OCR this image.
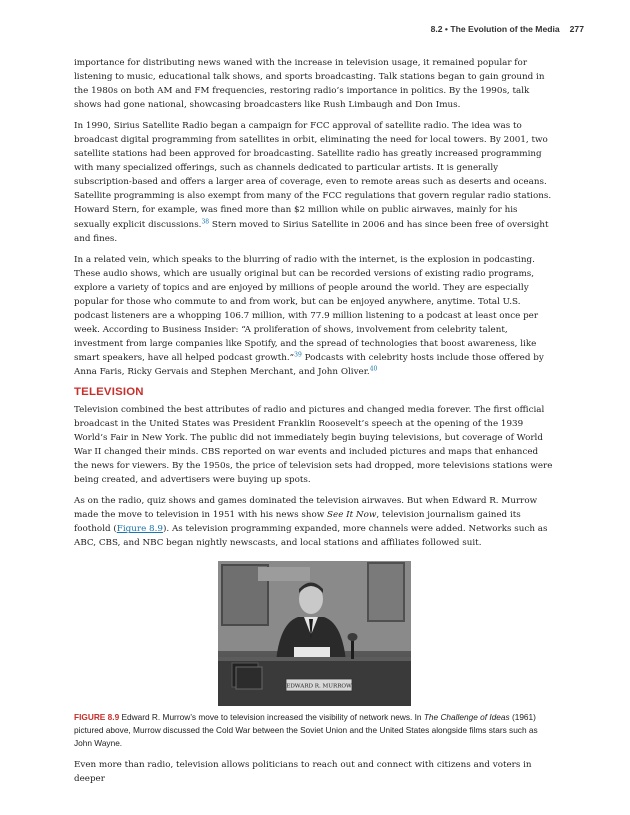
8.2 • The Evolution of the Media 277

importance for distributing news waned with the increase in television usage, it remained popular for listening to music, educational talk shows, and sports broadcasting. Talk stations began to gain ground in the 1980s on both AM and FM frequencies, restoring radio’s importance in politics. By the 1990s, talk shows had gone national, showcasing broadcasters like Rush Limbaugh and Don Imus.

In 1990, Sirius Satellite Radio began a campaign for FCC approval of satellite radio. The idea was to broadcast digital programming from satellites in orbit, eliminating the need for local towers. By 2001, two satellite stations had been approved for broadcasting. Satellite radio has greatly increased programming with many specialized offerings, such as channels dedicated to particular artists. It is generally subscription-based and offers a larger area of coverage, even to remote areas such as deserts and oceans. Satellite programming is also exempt from many of the FCC regulations that govern regular radio stations. Howard Stern, for example, was fined more than $2 million while on public airwaves, mainly for his sexually explicit discussions.$^{38}$ Stern moved to Sirius Satellite in 2006 and has since been free of oversight and fines.

In a related vein, which speaks to the blurring of radio with the internet, is the explosion in podcasting. These audio shows, which are usually original but can be recorded versions of existing radio programs, explore a variety of topics and are enjoyed by millions of people around the world. They are especially popular for those who commute to and from work, but can be enjoyed anywhere, anytime. Total U.S. podcast listeners are a whopping 106.7 million, with 77.9 million listening to a podcast at least once per week. According to Business Insider: “A proliferation of shows, involvement from celebrity talent, investment from large companies like Spotify, and the spread of technologies that boost awareness, like smart speakers, have all helped podcast growth.”$^{39}$ Podcasts with celebrity hosts include those offered by Anna Faris, Ricky Gervais and Stephen Merchant, and John Oliver.$^{40}$

TELEVISION

Television combined the best attributes of radio and pictures and changed media forever. The first official broadcast in the United States was President Franklin Roosevelt’s speech at the opening of the 1939 World’s Fair in New York. The public did not immediately begin buying televisions, but coverage of World War II changed their minds. CBS reported on war events and included pictures and maps that enhanced the news for viewers. By the 1950s, the price of television sets had dropped, more televisions stations were being created, and advertisers were buying up spots.

As on the radio, quiz shows and games dominated the television airwaves. But when Edward R. Murrow made the move to television in 1951 with his news show See It Now, television journalism gained its foothold (Figure 8.9). As television programming expanded, more channels were added. Networks such as ABC, CBS, and NBC began nightly newscasts, and local stations and affiliates followed suit.

EDWARD R. MURROW

FIGURE 8.9 Edward R. Murrow’s move to television increased the visibility of network news. In The Challenge of Ideas (1961) pictured above, Murrow discussed the Cold War between the Soviet Union and the United States alongside films stars such as John Wayne.

Even more than radio, television allows politicians to reach out and connect with citizens and voters in deeper
